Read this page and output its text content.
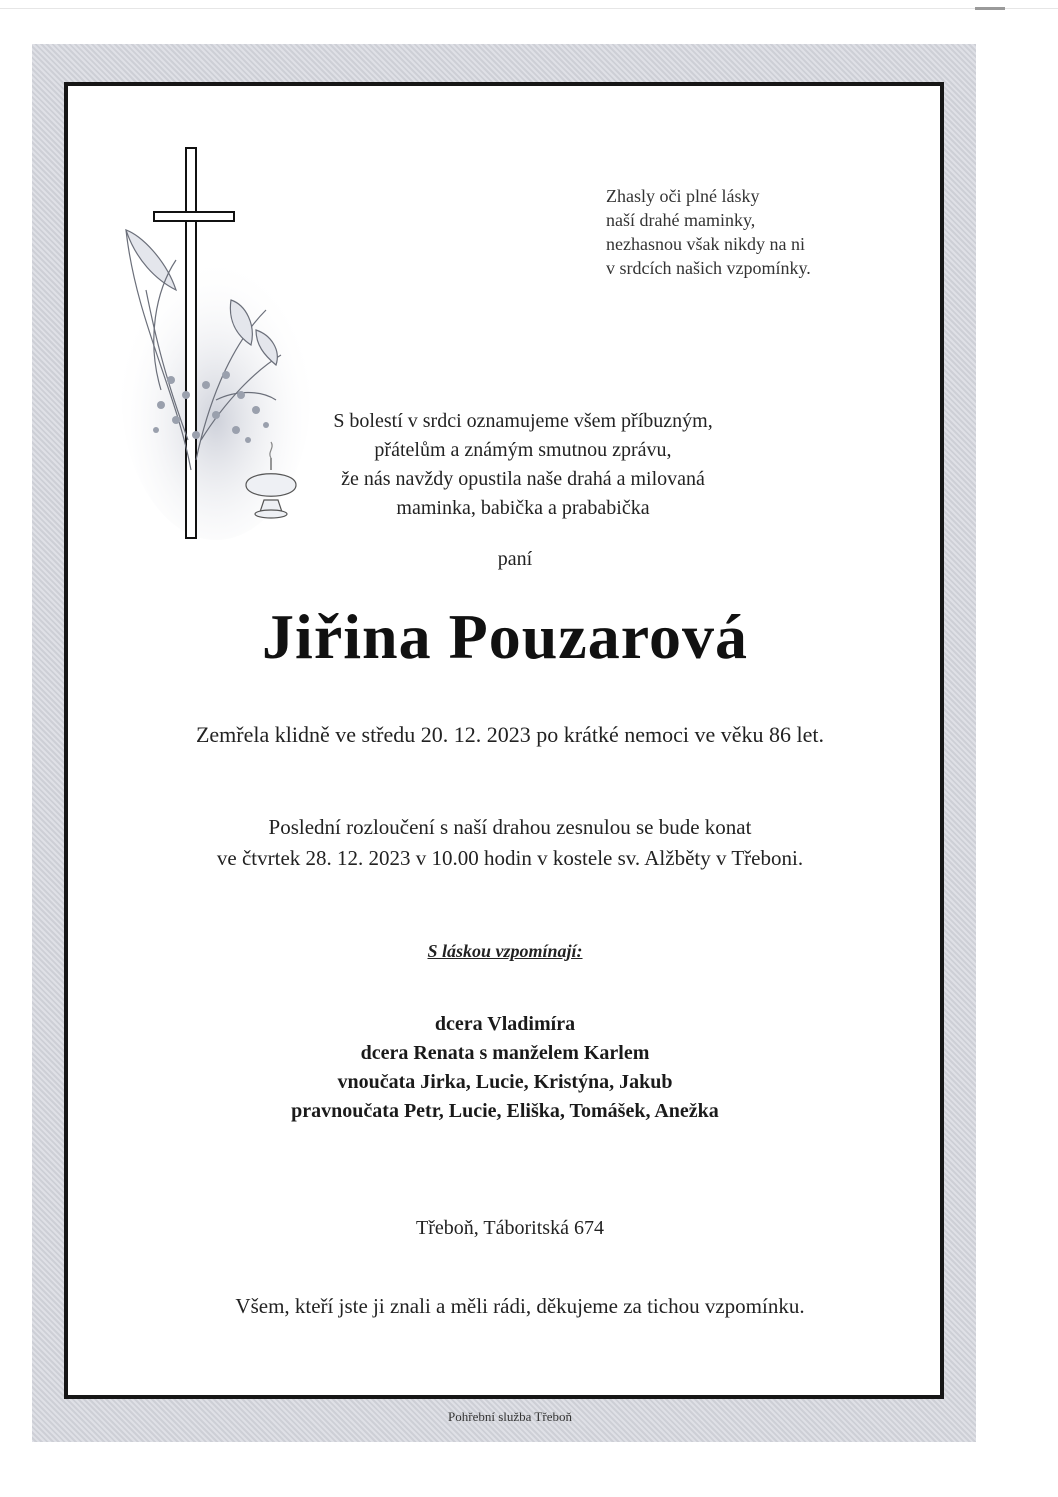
Zhasly oči plné lásky
naší drahé maminky,
nezhasnou však nikdy na ni
v srdcích našich vzpomínky.
S bolestí v srdci oznamujeme všem příbuzným,
přátelům a známým smutnou zprávu,
že nás navždy opustila naše drahá a milovaná
maminka, babička a prababička
paní
Jiřina Pouzarová
Zemřela klidně ve středu 20. 12. 2023 po krátké nemoci ve věku 86 let.
Poslední rozloučení s naší drahou zesnulou se bude konat
ve čtvrtek 28. 12. 2023 v 10.00 hodin v kostele sv. Alžběty v Třeboni.
S láskou vzpomínají:
dcera Vladimíra
dcera Renata s manželem Karlem
vnoučata Jirka, Lucie, Kristýna, Jakub
pravnoučata Petr, Lucie, Eliška, Tomášek, Anežka
Třeboň, Táboritská 674
Všem, kteří jste ji znali a měli rádi, děkujeme za tichou vzpomínku.
Pohřební služba Třeboň
